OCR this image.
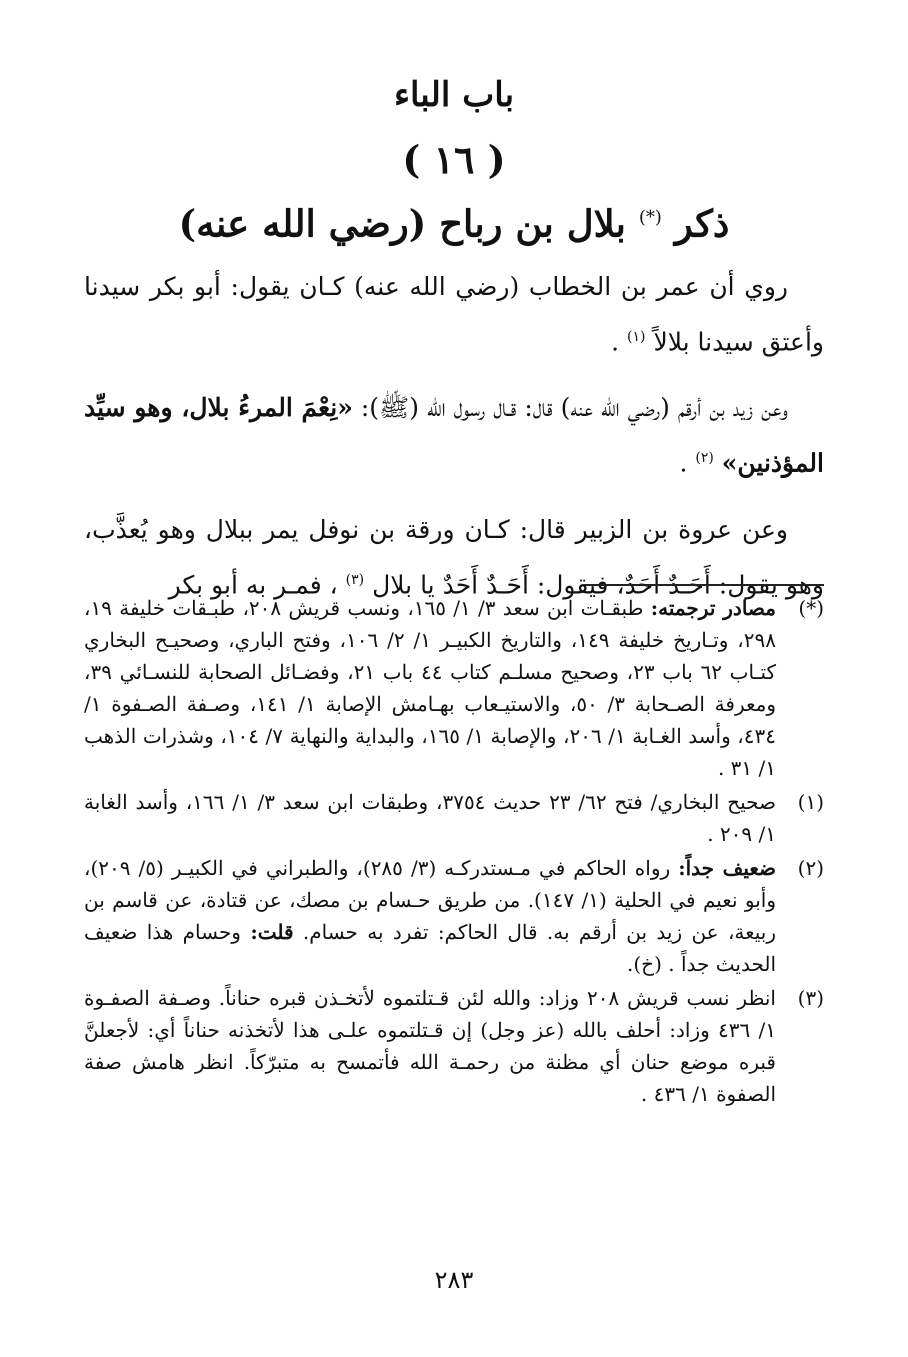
باب الباء
( ١٦ )
ذكر (*) بلال بن رباح (رضي الله عنه)

روي أن عمر بن الخطاب (رضي الله عنه) كـان يقول: أبو بكر سيدنا وأعتق سيدنا بلالاً $^{(١)}$ .

وعن زيد بن أرقم (رضي الله عنه) قال: قـال رسول الله (ﷺ): «نِعْمَ المرءُ بلال، وهو سيِّد المؤذنين» $^{(٢)}$ .

وعن عروة بن الزبير قال: كـان ورقة بن نوفل يمر ببلال وهو يُعذَّب، وهو يقول: أَحَـدٌ أَحَدٌ، فيقول: أَحَـدٌ أَحَدٌ يا بلال $^{(٣)}$ ، فمـر به أبو بكر

(*)
مصادر ترجمته: طبقـات ابن سعد ٣/ ١/ ١٦٥، ونسب قريش ٢٠٨، طبـقات خليفة ١٩، ٢٩٨، وتـاريخ خليفة ١٤٩، والتاريخ الكبيـر ١/ ٢/ ١٠٦، وفتح الباري، وصحيـح البخاري كتـاب ٦٢ باب ٢٣، وصحيح مسلـم كتاب ٤٤ باب ٢١، وفضـائل الصحابة للنسـائي ٣٩، ومعرفة الصـحابة ٣/ ٥٠، والاستيـعاب بهـامش الإصابة ١/ ١٤١، وصـفة الصـفوة ١/ ٤٣٤، وأسد الغـابة ١/ ٢٠٦، والإصابة ١/ ١٦٥، والبداية والنهاية ٧/ ١٠٤، وشذرات الذهب ١/ ٣١ .

(١)
صحيح البخاري/ فتح ٦٢/ ٢٣ حديث ٣٧٥٤، وطبقات ابن سعد ٣/ ١/ ١٦٦، وأسد الغابة ١/ ٢٠٩ .

(٢)
ضعيف جداً: رواه الحاكم في مـستدركـه (٣/ ٢٨٥)، والطبراني في الكبيـر (٥/ ٢٠٩)، وأبو نعيم في الحلية (١/ ١٤٧). من طريق حـسام بن مصك، عن قتادة، عن قاسم بن ربيعة، عن زيد بن أرقم به. قال الحاكم: تفرد به حسام. قلت: وحسام هذا ضعيف الحديث جداً . (خ).

(٣)
انظر نسب قريش ٢٠٨ وزاد: والله لئن قـتلتموه لأتخـذن قبره حناناً. وصـفة الصفـوة ١/ ٤٣٦ وزاد: أحلف بالله (عز وجل) إن قـتلتموه علـى هذا لأتخذنه حناناً أي: لأجعلنَّ قبره موضع حنان أي مظنة من رحمـة الله فأتمسح به متبرّكاً. انظر هامش صفة الصفوة ١/ ٤٣٦ .

٢٨٣
